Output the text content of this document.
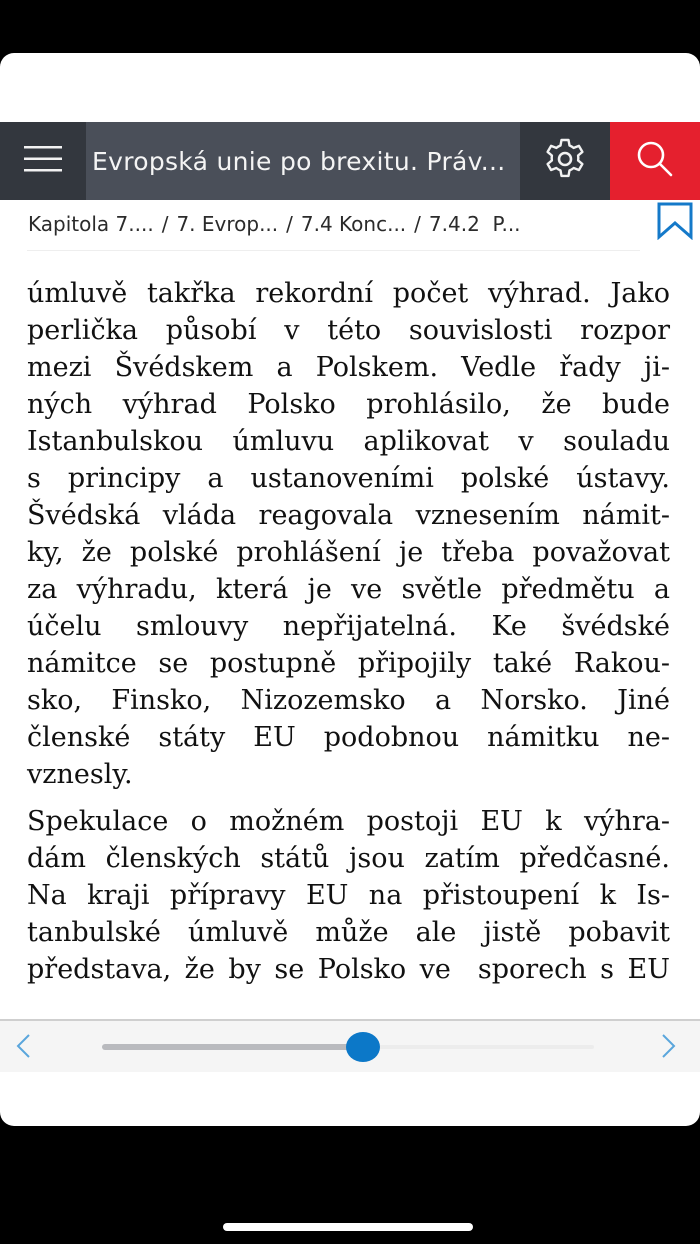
Evropská unie po brexitu. Práv...
Kapitola 7.... / 7. Evrop... / 7.4 Konc... / 7.4.2  P...

úmluvě takřka rekordní počet výhrad. Jako
perlička působí v této souvislosti rozpor
mezi Švédskem a Polskem. Vedle řady ji-
ných výhrad Polsko prohlásilo, že bude
Istanbulskou úmluvu aplikovat v souladu
s principy a ustanoveními polské ústavy.
Švédská vláda reagovala vznesením námit-
ky, že polské prohlášení je třeba považovat
za výhradu, která je ve světle předmětu a
účelu smlouvy nepřijatelná. Ke švédské
námitce se postupně připojily také Rakou-
sko, Finsko, Nizozemsko a Norsko. Jiné
členské státy EU podobnou námitku ne-
vznesly.

Spekulace o možném postoji EU k výhra-
dám členských států jsou zatím předčasné.
Na kraji přípravy EU na přistoupení k Is-
tanbulské úmluvě může ale jistě pobavit
představa, že by se Polsko ve  sporech s EU
